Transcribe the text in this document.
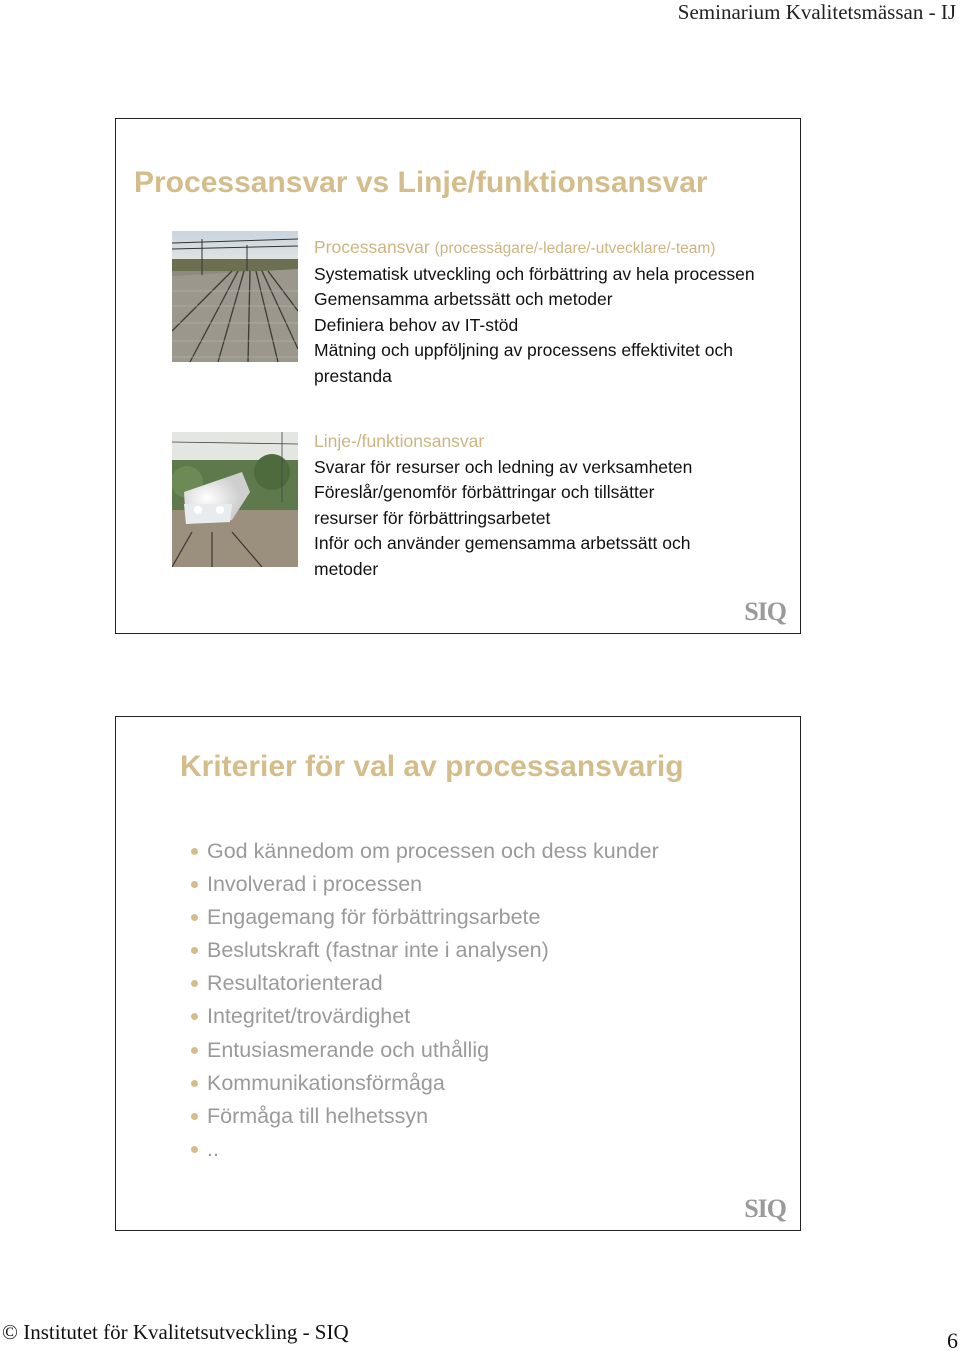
Seminarium Kvalitetsmässan - IJ
Processansvar vs Linje/funktionsansvar
Processansvar (processägare/-ledare/-utvecklare/-team)
Systematisk utveckling och förbättring av hela processen
Gemensamma arbetssätt och metoder
Definiera behov av IT-stöd
Mätning och uppföljning av processens effektivitet och
prestanda
Linje-/funktionsansvar
Svarar för resurser och ledning av verksamheten
Föreslår/genomför förbättringar och tillsätter
resurser för förbättringsarbetet
Inför och använder gemensamma arbetssätt och
metoder
SIQ
Kriterier för val av processansvarig
God kännedom om processen och dess kunder
Involverad i processen
Engagemang för förbättringsarbete
Beslutskraft (fastnar inte i analysen)
Resultatorienterad
Integritet/trovärdighet
Entusiasmerande och uthållig
Kommunikationsförmåga
Förmåga till helhetssyn
..
SIQ
© Institutet för Kvalitetsutveckling - SIQ	6
